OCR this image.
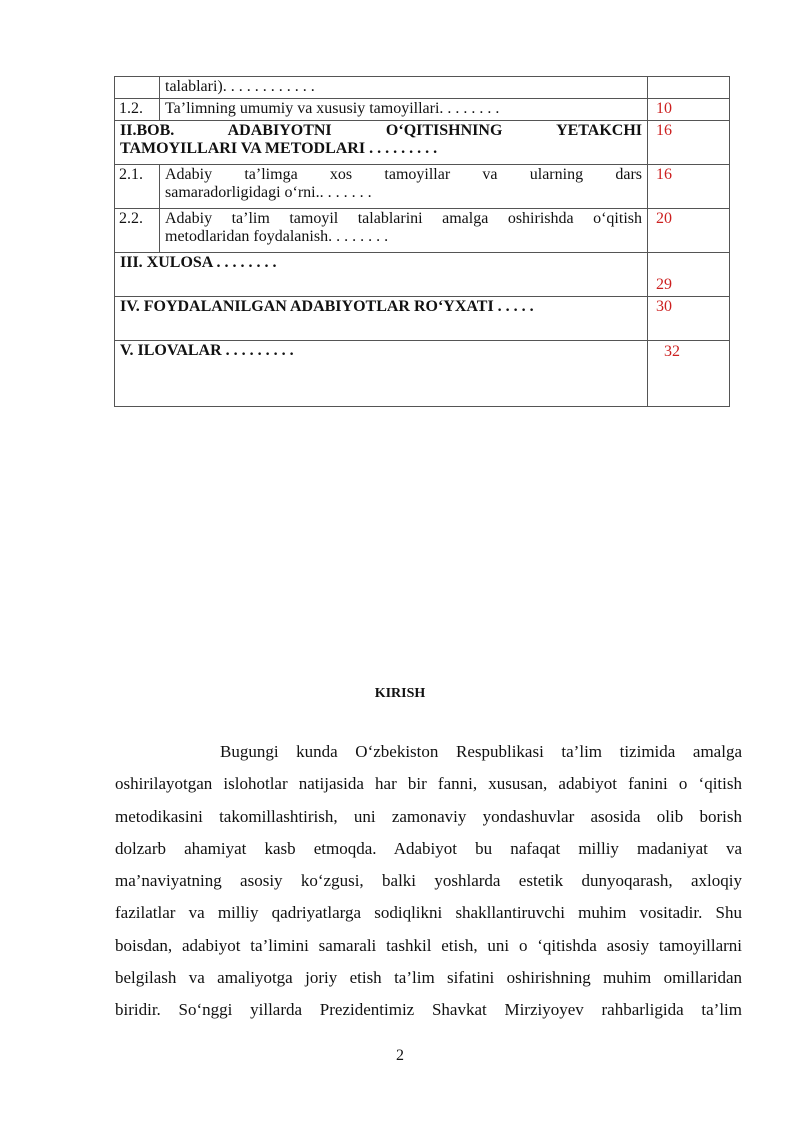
	talablari). . . . . . . . . . . .	
1.2.	Ta’limning umumiy va xususiy tamoyillari. . . . . . . .	10

II.BOB. ADABIYOTNI O‘QITISHNING YETAKCHI
TAMOYILLARI VA METODLARI . . . . . . . . .		16
2.1.	Adabiy ta’limga xos tamoyillar va ularning dars
samaradorligidagi o‘rni.. . . . . . .	16
2.2.	Adabiy ta’lim tamoyil talablarini amalga oshirishda o‘qitish
metodlaridan foydalanish. . . . . . . .	20
III. XULOSA . . . . . . . .		29
IV. FOYDALANILGAN ADABIYOTLAR RO‘YXATI . . . . .		30
V. ILOVALAR . . . . . . . . .		32
KIRISH
Bugungi kunda O‘zbekiston Respublikasi ta’lim tizimida amalga
oshirilayotgan islohotlar natijasida har bir fanni, xususan, adabiyot fanini o ‘qitish
metodikasini takomillashtirish, uni zamonaviy yondashuvlar asosida olib borish
dolzarb ahamiyat kasb etmoqda. Adabiyot bu nafaqat milliy madaniyat va
ma’naviyatning asosiy ko‘zgusi, balki yoshlarda estetik dunyoqarash, axloqiy
fazilatlar va milliy qadriyatlarga sodiqlikni shakllantiruvchi muhim vositadir. Shu
boisdan, adabiyot ta’limini samarali tashkil etish, uni o ‘qitishda asosiy tamoyillarni
belgilash va amaliyotga joriy etish ta’lim sifatini oshirishning muhim omillaridan
biridir. So‘nggi yillarda Prezidentimiz Shavkat Mirziyoyev rahbarligida ta’lim
2
